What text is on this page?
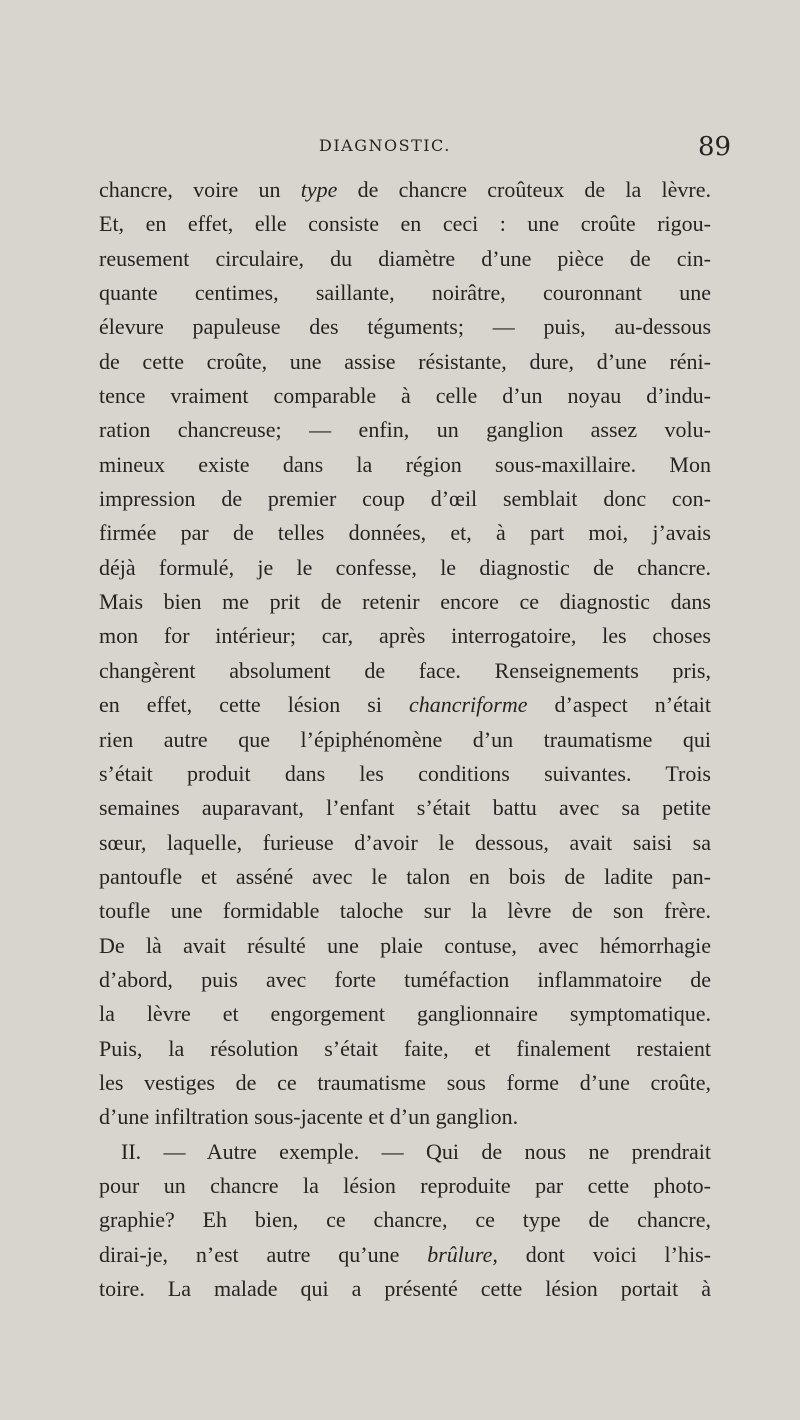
DIAGNOSTIC.	89
chancre, voire un type de chancre croûteux de la lèvre.
Et, en effet, elle consiste en ceci : une croûte rigou-
reusement circulaire, du diamètre d’une pièce de cin-
quante centimes, saillante, noirâtre, couronnant une
élevure papuleuse des téguments; — puis, au-dessous
de cette croûte, une assise résistante, dure, d’une réni-
tence vraiment comparable à celle d’un noyau d’indu-
ration chancreuse; — enfin, un ganglion assez volu-
mineux existe dans la région sous-maxillaire. Mon
impression de premier coup d’œil semblait donc con-
firmée par de telles données, et, à part moi, j’avais
déjà formulé, je le confesse, le diagnostic de chancre.
Mais bien me prit de retenir encore ce diagnostic dans
mon for intérieur; car, après interrogatoire, les choses
changèrent absolument de face. Renseignements pris,
en effet, cette lésion si chancriforme d’aspect n’était
rien autre que l’épiphénomène d’un traumatisme qui
s’était produit dans les conditions suivantes. Trois
semaines auparavant, l’enfant s’était battu avec sa petite
sœur, laquelle, furieuse d’avoir le dessous, avait saisi sa
pantoufle et asséné avec le talon en bois de ladite pan-
toufle une formidable taloche sur la lèvre de son frère.
De là avait résulté une plaie contuse, avec hémorrhagie
d’abord, puis avec forte tuméfaction inflammatoire de
la lèvre et engorgement ganglionnaire symptomatique.
Puis, la résolution s’était faite, et finalement restaient
les vestiges de ce traumatisme sous forme d’une croûte,
d’une infiltration sous-jacente et d’un ganglion.
II. — Autre exemple. — Qui de nous ne prendrait
pour un chancre la lésion reproduite par cette photo-
graphie? Eh bien, ce chancre, ce type de chancre,
dirai-je, n’est autre qu’une brûlure, dont voici l’his-
toire. La malade qui a présenté cette lésion portait à
